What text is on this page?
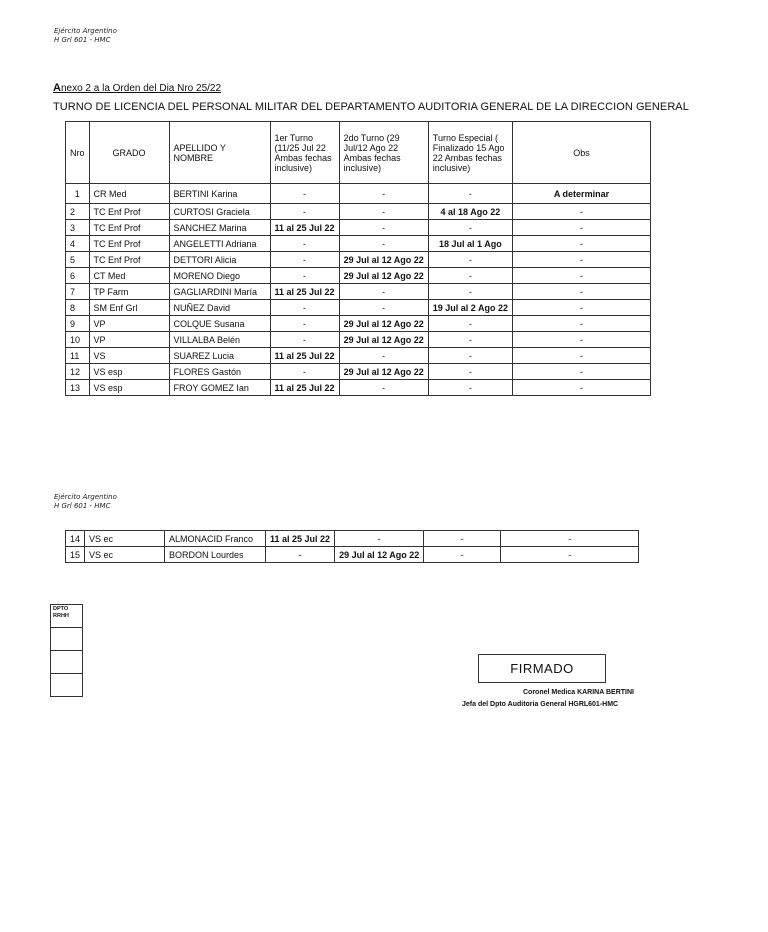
Ejército Argentino
H Grl 601 - HMC
Anexo 2 a la Orden del Dia Nro 25/22
TURNO DE LICENCIA DEL PERSONAL MILITAR DEL DEPARTAMENTO AUDITORIA GENERAL DE LA DIRECCION GENERAL
Nro	GRADO	APELLIDO Y NOMBRE	1er Turno (11/25 Jul 22 Ambas fechas inclusive)	2do Turno (29 Jul/12 Ago 22 Ambas fechas inclusive)	Turno Especial ( Finalizado 15 Ago 22 Ambas fechas inclusive)	Obs
1	CR Med	BERTINI Karina	-	-	-	A determinar
2	TC Enf Prof	CURTOSI Graciela	-	-	4 al 18 Ago 22	-
3	TC Enf Prof	SANCHEZ Marina	11 al 25 Jul 22	-	-	-
4	TC Enf Prof	ANGELETTI Adriana	-	-	18 Jul al 1 Ago	-
5	TC Enf Prof	DETTORI Alicia	-	29 Jul al 12 Ago 22	-	-
6	CT Med	MORENO Diego	-	29 Jul al 12 Ago 22	-	-
7	TP Farm	GAGLIARDINI María	11 al 25 Jul 22	-	-	-
8	SM Enf Grl	NUÑEZ David	-	-	19 Jul al 2 Ago 22	-
9	VP	COLQUE Susana	-	29 Jul al 12 Ago 22	-	-
10	VP	VILLALBA Belén	-	29 Jul al 12 Ago 22	-	-
11	VS	SUAREZ Lucia	11 al 25 Jul 22	-	-	-
12	VS esp	FLORES Gastón	-	29 Jul al 12 Ago 22	-	-
13	VS esp	FROY GOMEZ Ian	11 al 25 Jul 22	-	-	-
Ejército Argentino
H Grl 601 - HMC
14	VS ec	ALMONACID Franco	11 al 25 Jul 22	-	-	-
15	VS ec	BORDON Lourdes	-	29 Jul al 12 Ago 22	-	-
DPTO RRHH

FIRMADO
Coronel Medica KARINA BERTINI
Jefa del Dpto Auditoria General HGRL601-HMC
